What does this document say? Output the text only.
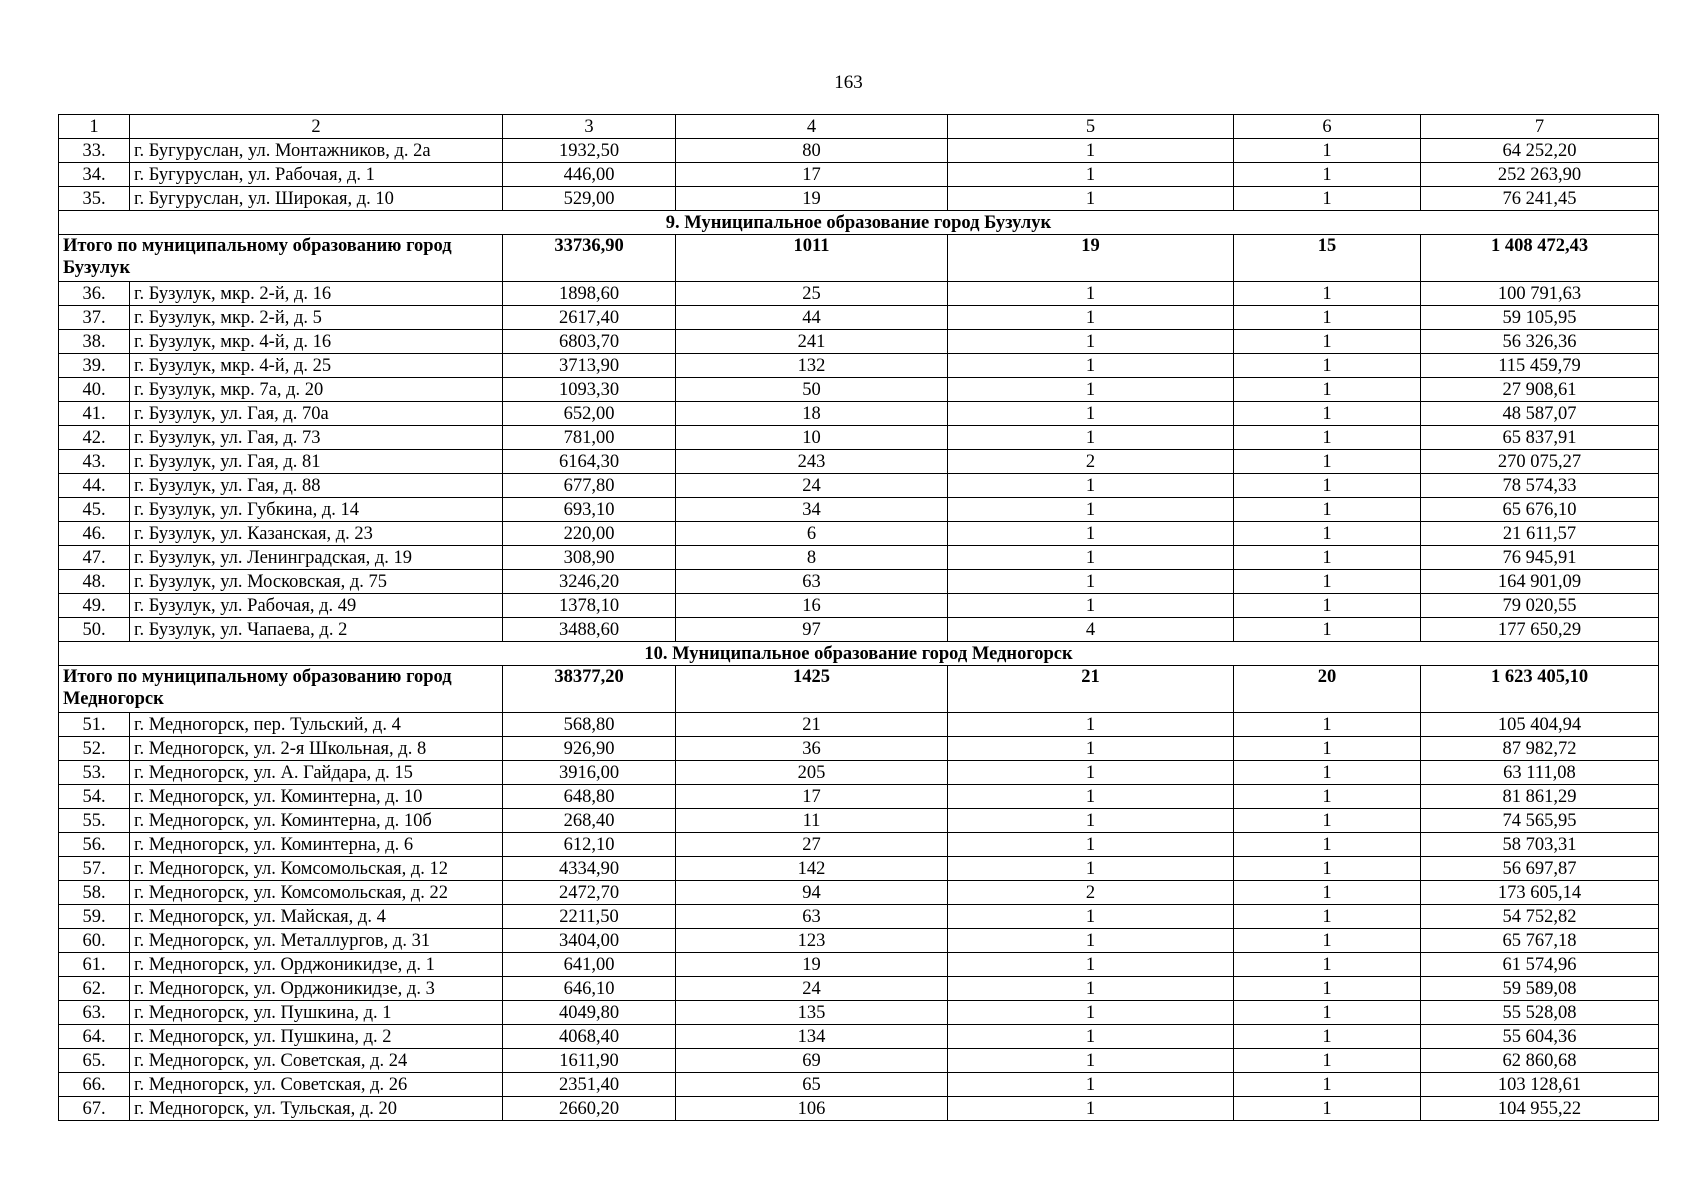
163
1	2	3	4	5	6	7
33.	г. Бугуруслан, ул. Монтажников, д. 2а	1932,50	80	1	1	64 252,20
34.	г. Бугуруслан, ул. Рабочая, д. 1	446,00	17	1	1	252 263,90
35.	г. Бугуруслан, ул. Широкая, д. 10	529,00	19	1	1	76 241,45
9. Муниципальное образование город Бузулук						
Итого по муниципальному образованию город Бузулук		33736,90	1011	19	15	1 408 472,43
36.	г. Бузулук, мкр. 2-й, д. 16	1898,60	25	1	1	100 791,63
37.	г. Бузулук, мкр. 2-й, д. 5	2617,40	44	1	1	59 105,95
38.	г. Бузулук, мкр. 4-й, д. 16	6803,70	241	1	1	56 326,36
39.	г. Бузулук, мкр. 4-й, д. 25	3713,90	132	1	1	115 459,79
40.	г. Бузулук, мкр. 7а, д. 20	1093,30	50	1	1	27 908,61
41.	г. Бузулук, ул. Гая, д. 70а	652,00	18	1	1	48 587,07
42.	г. Бузулук, ул. Гая, д. 73	781,00	10	1	1	65 837,91
43.	г. Бузулук, ул. Гая, д. 81	6164,30	243	2	1	270 075,27
44.	г. Бузулук, ул. Гая, д. 88	677,80	24	1	1	78 574,33
45.	г. Бузулук, ул. Губкина, д. 14	693,10	34	1	1	65 676,10
46.	г. Бузулук, ул. Казанская, д. 23	220,00	6	1	1	21 611,57
47.	г. Бузулук, ул. Ленинградская, д. 19	308,90	8	1	1	76 945,91
48.	г. Бузулук, ул. Московская, д. 75	3246,20	63	1	1	164 901,09
49.	г. Бузулук, ул. Рабочая, д. 49	1378,10	16	1	1	79 020,55
50.	г. Бузулук, ул. Чапаева, д. 2	3488,60	97	4	1	177 650,29
10. Муниципальное образование город Медногорск						
Итого по муниципальному образованию город Медногорск		38377,20	1425	21	20	1 623 405,10
51.	г. Медногорск, пер. Тульский, д. 4	568,80	21	1	1	105 404,94
52.	г. Медногорск, ул. 2-я Школьная, д. 8	926,90	36	1	1	87 982,72
53.	г. Медногорск, ул. А. Гайдара, д. 15	3916,00	205	1	1	63 111,08
54.	г. Медногорск, ул. Коминтерна, д. 10	648,80	17	1	1	81 861,29
55.	г. Медногорск, ул. Коминтерна, д. 10б	268,40	11	1	1	74 565,95
56.	г. Медногорск, ул. Коминтерна, д. 6	612,10	27	1	1	58 703,31
57.	г. Медногорск, ул. Комсомольская, д. 12	4334,90	142	1	1	56 697,87
58.	г. Медногорск, ул. Комсомольская, д. 22	2472,70	94	2	1	173 605,14
59.	г. Медногорск, ул. Майская, д. 4	2211,50	63	1	1	54 752,82
60.	г. Медногорск, ул. Металлургов, д. 31	3404,00	123	1	1	65 767,18
61.	г. Медногорск, ул. Орджоникидзе, д. 1	641,00	19	1	1	61 574,96
62.	г. Медногорск, ул. Орджоникидзе, д. 3	646,10	24	1	1	59 589,08
63.	г. Медногорск, ул. Пушкина, д. 1	4049,80	135	1	1	55 528,08
64.	г. Медногорск, ул. Пушкина, д. 2	4068,40	134	1	1	55 604,36
65.	г. Медногорск, ул. Советская, д. 24	1611,90	69	1	1	62 860,68
66.	г. Медногорск, ул. Советская, д. 26	2351,40	65	1	1	103 128,61
67.	г. Медногорск, ул. Тульская, д. 20	2660,20	106	1	1	104 955,22
